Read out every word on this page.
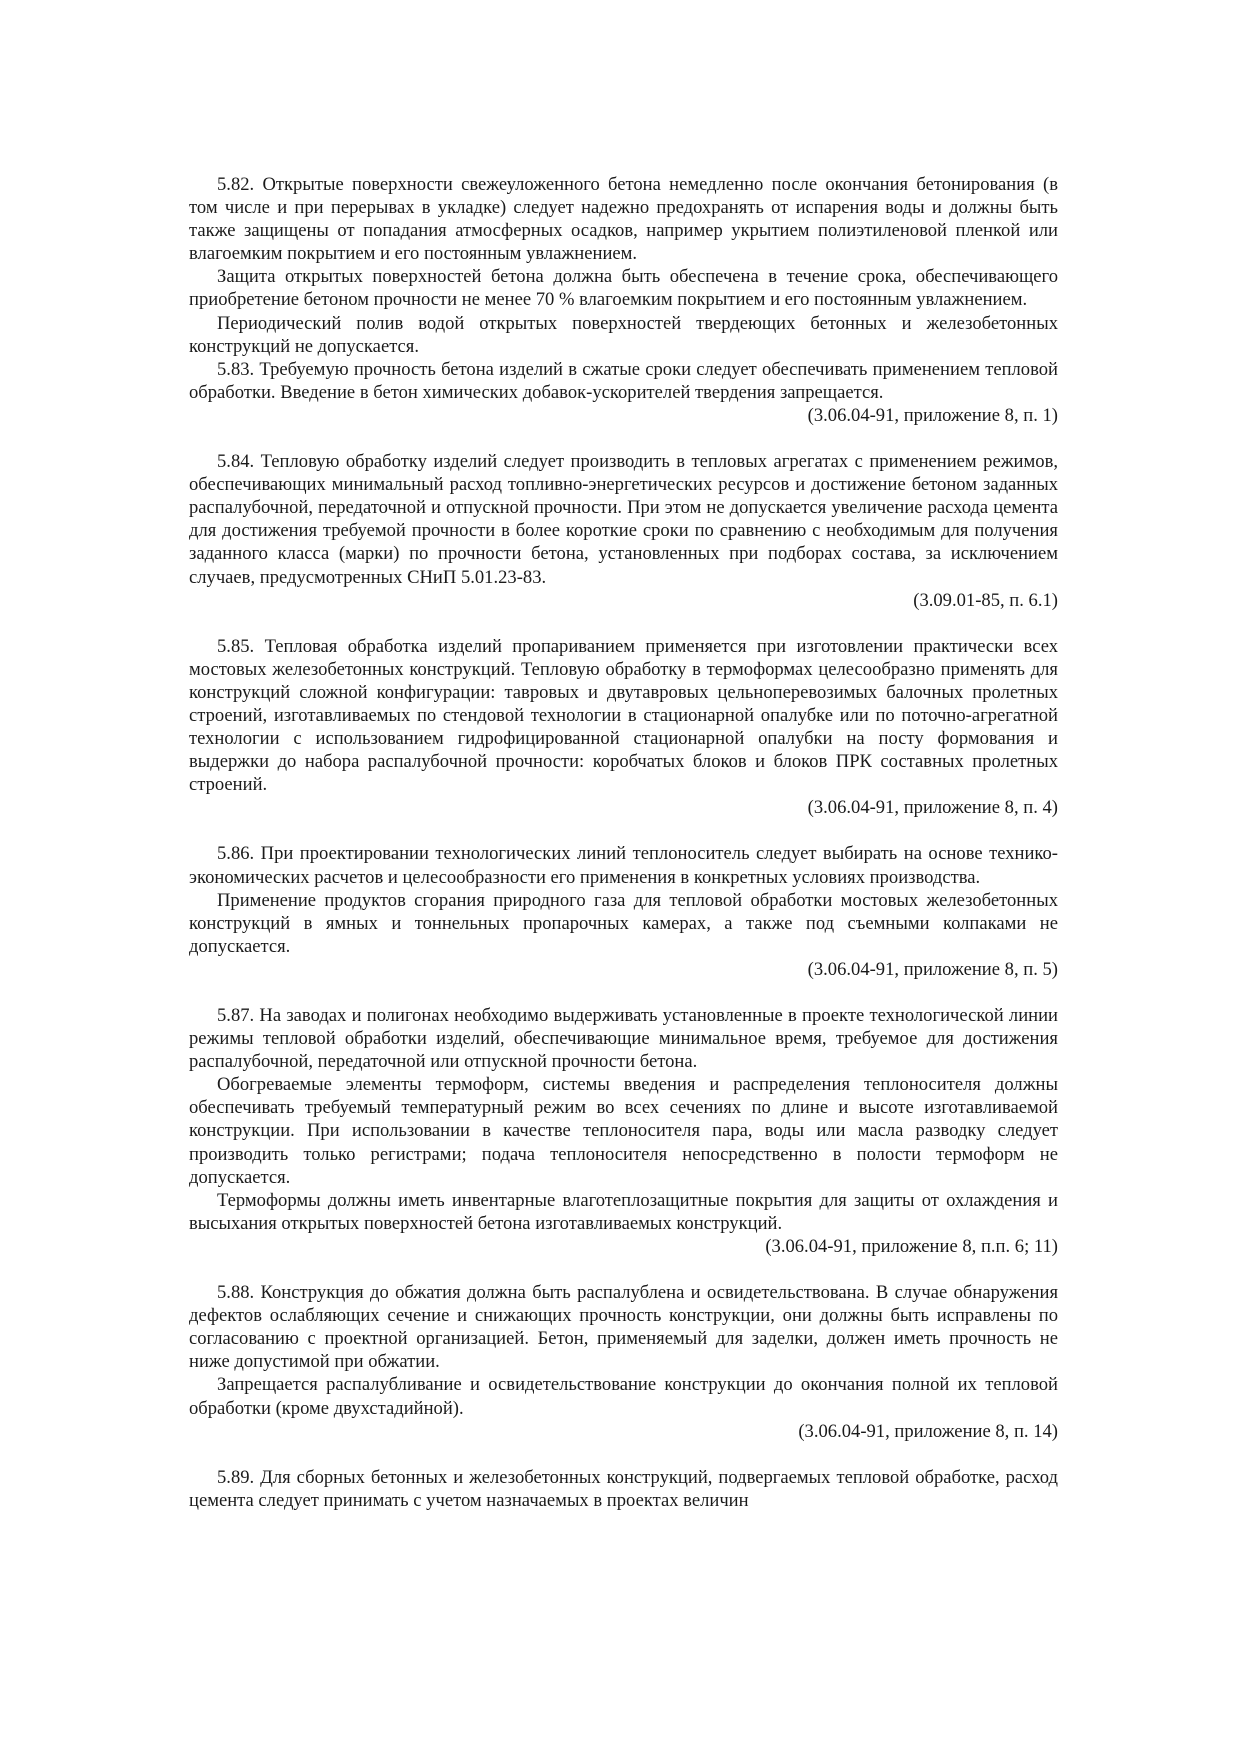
5.82. Открытые поверхности свежеуложенного бетона немедленно после окончания бетонирования (в том числе и при перерывах в укладке) следует надежно предохранять от испарения воды и должны быть также защищены от попадания атмосферных осадков, например укрытием полиэтиленовой пленкой или влагоемким покрытием и его постоянным увлажнением.

Защита открытых поверхностей бетона должна быть обеспечена в течение срока, обеспечивающего приобретение бетоном прочности не менее 70 % влагоемким покрытием и его постоянным увлажнением.

Периодический полив водой открытых поверхностей твердеющих бетонных и железобетонных конструкций не допускается.

5.83. Требуемую прочность бетона изделий в сжатые сроки следует обеспечивать применением тепловой обработки. Введение в бетон химических добавок-ускорителей твердения запрещается.

(3.06.04-91, приложение 8, п. 1)

5.84. Тепловую обработку изделий следует производить в тепловых агрегатах с применением режимов, обеспечивающих минимальный расход топливно-энергетических ресурсов и достижение бетоном заданных распалубочной, передаточной и отпускной прочности. При этом не допускается увеличение расхода цемента для достижения требуемой прочности в более короткие сроки по сравнению с необходимым для получения заданного класса (марки) по прочности бетона, установленных при подборах состава, за исключением случаев, предусмотренных СНиП 5.01.23-83.

(3.09.01-85, п. 6.1)

5.85. Тепловая обработка изделий пропариванием применяется при изготовлении практически всех мостовых железобетонных конструкций. Тепловую обработку в термоформах целесообразно применять для конструкций сложной конфигурации: тавровых и двутавровых цельноперевозимых балочных пролетных строений, изготавливаемых по стендовой технологии в стационарной опалубке или по поточно-агрегатной технологии с использованием гидрофицированной стационарной опалубки на посту формования и выдержки до набора распалубочной прочности: коробчатых блоков и блоков ПРК составных пролетных строений.

(3.06.04-91, приложение 8, п. 4)

5.86. При проектировании технологических линий теплоноситель следует выбирать на основе технико-экономических расчетов и целесообразности его применения в конкретных условиях производства.

Применение продуктов сгорания природного газа для тепловой обработки мостовых железобетонных конструкций в ямных и тоннельных пропарочных камерах, а также под съемными колпаками не допускается.

(3.06.04-91, приложение 8, п. 5)

5.87. На заводах и полигонах необходимо выдерживать установленные в проекте технологической линии режимы тепловой обработки изделий, обеспечивающие минимальное время, требуемое для достижения распалубочной, передаточной или отпускной прочности бетона.

Обогреваемые элементы термоформ, системы введения и распределения теплоносителя должны обеспечивать требуемый температурный режим во всех сечениях по длине и высоте изготавливаемой конструкции. При использовании в качестве теплоносителя пара, воды или масла разводку следует производить только регистрами; подача теплоносителя непосредственно в полости термоформ не допускается.

Термоформы должны иметь инвентарные влаготеплозащитные покрытия для защиты от охлаждения и высыхания открытых поверхностей бетона изготавливаемых конструкций.

(3.06.04-91, приложение 8, п.п. 6; 11)

5.88. Конструкция до обжатия должна быть распалублена и освидетельствована. В случае обнаружения дефектов ослабляющих сечение и снижающих прочность конструкции, они должны быть исправлены по согласованию с проектной организацией. Бетон, применяемый для заделки, должен иметь прочность не ниже допустимой при обжатии.

Запрещается распалубливание и освидетельствование конструкции до окончания полной их тепловой обработки (кроме двухстадийной).

(3.06.04-91, приложение 8, п. 14)

5.89. Для сборных бетонных и железобетонных конструкций, подвергаемых тепловой обработке, расход цемента следует принимать с учетом назначаемых в проектах величин
